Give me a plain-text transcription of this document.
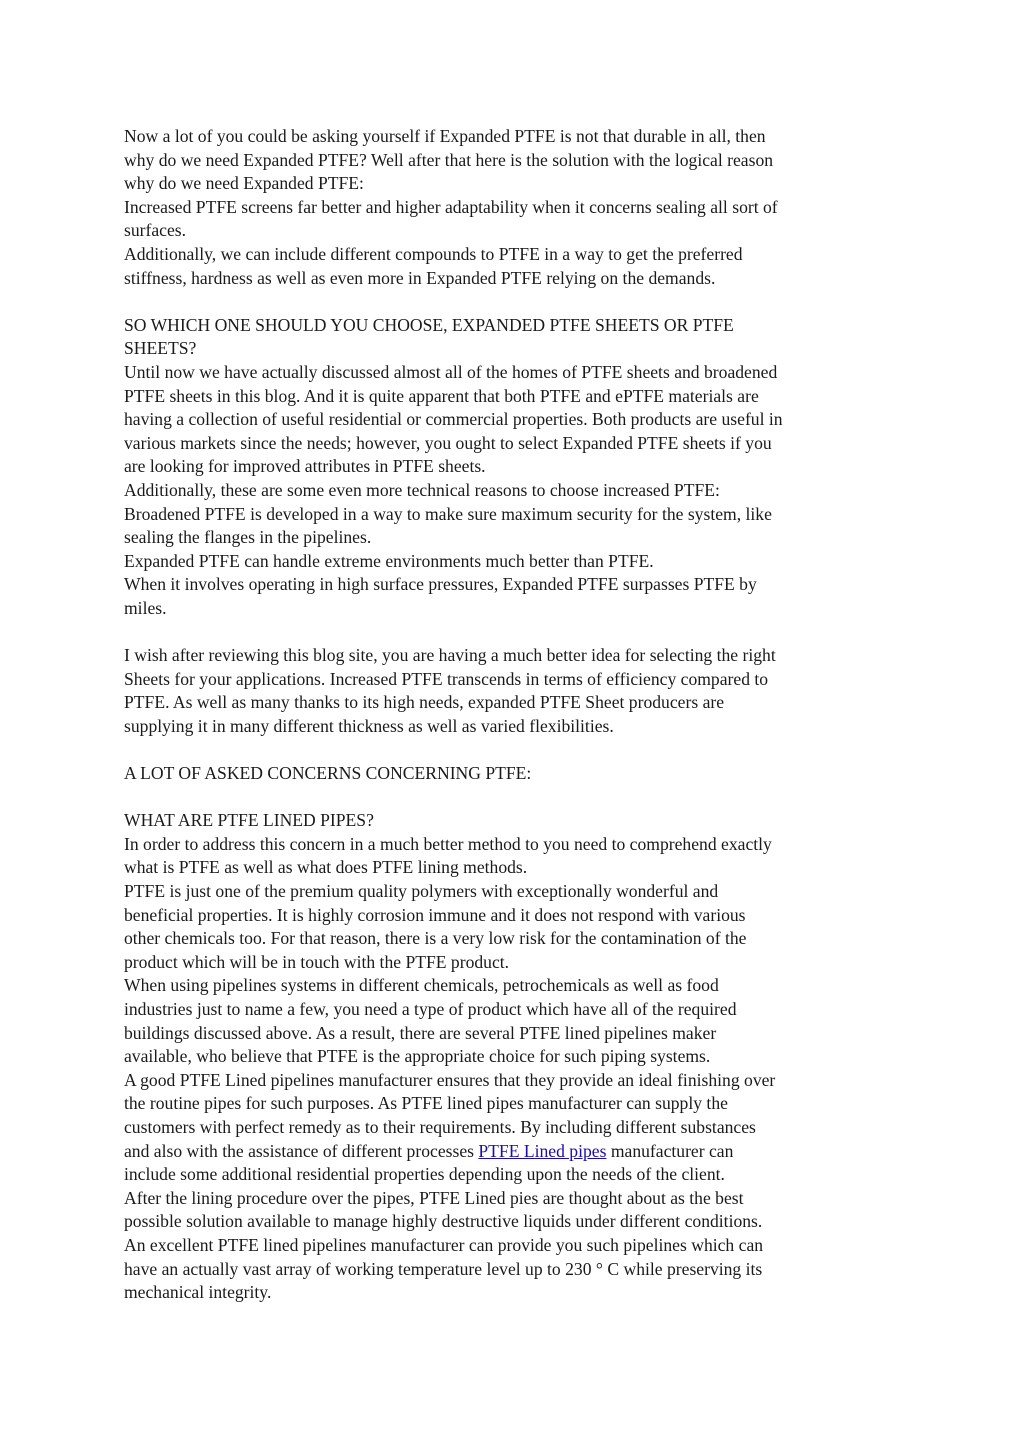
Now a lot of you could be asking yourself if Expanded PTFE is not that durable in all, then
why do we need Expanded PTFE? Well after that here is the solution with the logical reason
why do we need Expanded PTFE:
Increased PTFE screens far better and higher adaptability when it concerns sealing all sort of
surfaces.
Additionally, we can include different compounds to PTFE in a way to get the preferred
stiffness, hardness as well as even more in Expanded PTFE relying on the demands.
SO WHICH ONE SHOULD YOU CHOOSE, EXPANDED PTFE SHEETS OR PTFE
SHEETS?
Until now we have actually discussed almost all of the homes of PTFE sheets and broadened
PTFE sheets in this blog. And it is quite apparent that both PTFE and ePTFE materials are
having a collection of useful residential or commercial properties. Both products are useful in
various markets since the needs; however, you ought to select Expanded PTFE sheets if you
are looking for improved attributes in PTFE sheets.
Additionally, these are some even more technical reasons to choose increased PTFE:
Broadened PTFE is developed in a way to make sure maximum security for the system, like
sealing the flanges in the pipelines.
Expanded PTFE can handle extreme environments much better than PTFE.
When it involves operating in high surface pressures, Expanded PTFE surpasses PTFE by
miles.
I wish after reviewing this blog site, you are having a much better idea for selecting the right
Sheets for your applications. Increased PTFE transcends in terms of efficiency compared to
PTFE. As well as many thanks to its high needs, expanded PTFE Sheet producers are
supplying it in many different thickness as well as varied flexibilities.
A LOT OF ASKED CONCERNS CONCERNING PTFE:
WHAT ARE PTFE LINED PIPES?
In order to address this concern in a much better method to you need to comprehend exactly
what is PTFE as well as what does PTFE lining methods.
PTFE is just one of the premium quality polymers with exceptionally wonderful and
beneficial properties. It is highly corrosion immune and it does not respond with various
other chemicals too. For that reason, there is a very low risk for the contamination of the
product which will be in touch with the PTFE product.
When using pipelines systems in different chemicals, petrochemicals as well as food
industries just to name a few, you need a type of product which have all of the required
buildings discussed above. As a result, there are several PTFE lined pipelines maker
available, who believe that PTFE is the appropriate choice for such piping systems.
A good PTFE Lined pipelines manufacturer ensures that they provide an ideal finishing over
the routine pipes for such purposes. As PTFE lined pipes manufacturer can supply the
customers with perfect remedy as to their requirements. By including different substances
and also with the assistance of different processes PTFE Lined pipes manufacturer can
include some additional residential properties depending upon the needs of the client.
After the lining procedure over the pipes, PTFE Lined pies are thought about as the best
possible solution available to manage highly destructive liquids under different conditions.
An excellent PTFE lined pipelines manufacturer can provide you such pipelines which can
have an actually vast array of working temperature level up to 230 ° C while preserving its
mechanical integrity.
